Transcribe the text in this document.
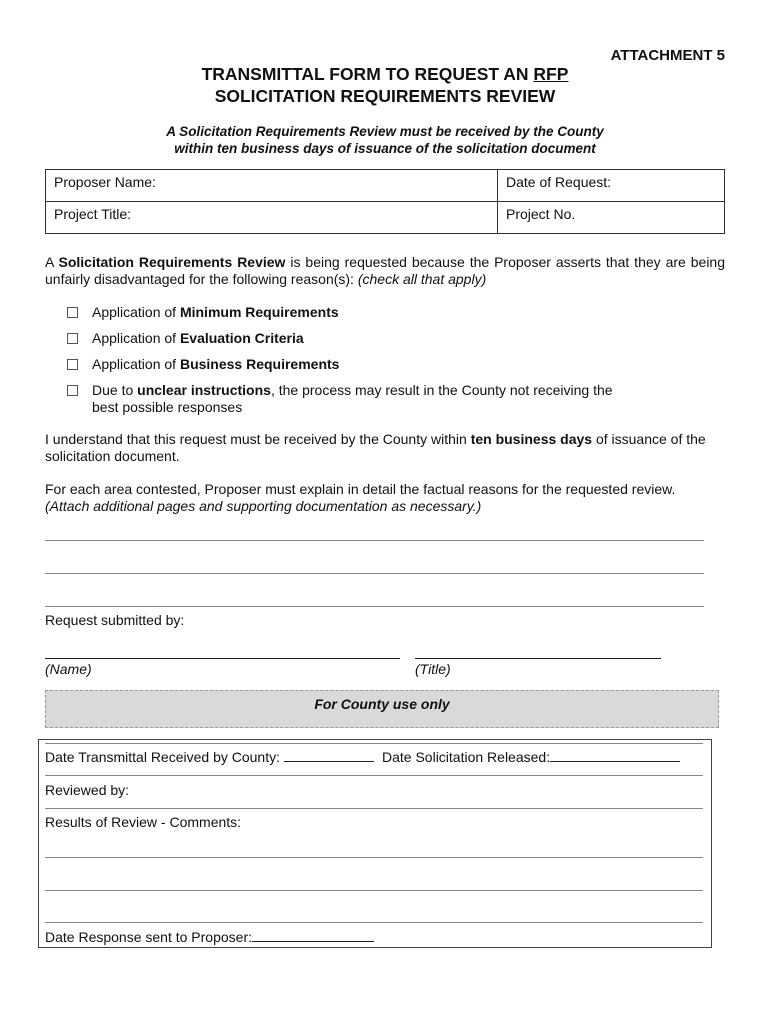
ATTACHMENT 5
TRANSMITTAL FORM TO REQUEST AN RFP
SOLICITATION REQUIREMENTS REVIEW
A Solicitation Requirements Review must be received by the County
within ten business days of issuance of the solicitation document
Proposer Name:	Date of Request:
Project Title:	Project No.
A Solicitation Requirements Review is being requested because the Proposer asserts that they are being
unfairly disadvantaged for the following reason(s): (check all that apply)
Application of Minimum Requirements
Application of Evaluation Criteria
Application of Business Requirements
Due to unclear instructions, the process may result in the County not receiving the
best possible responses
I understand that this request must be received by the County within ten business days of issuance of the
solicitation document.
For each area contested, Proposer must explain in detail the factual reasons for the requested review.
(Attach additional pages and supporting documentation as necessary.)
Request submitted by:
(Name)	(Title)
For County use only
Date Transmittal Received by County:	Date Solicitation Released:
Reviewed by:
Results of Review - Comments:
Date Response sent to Proposer:
